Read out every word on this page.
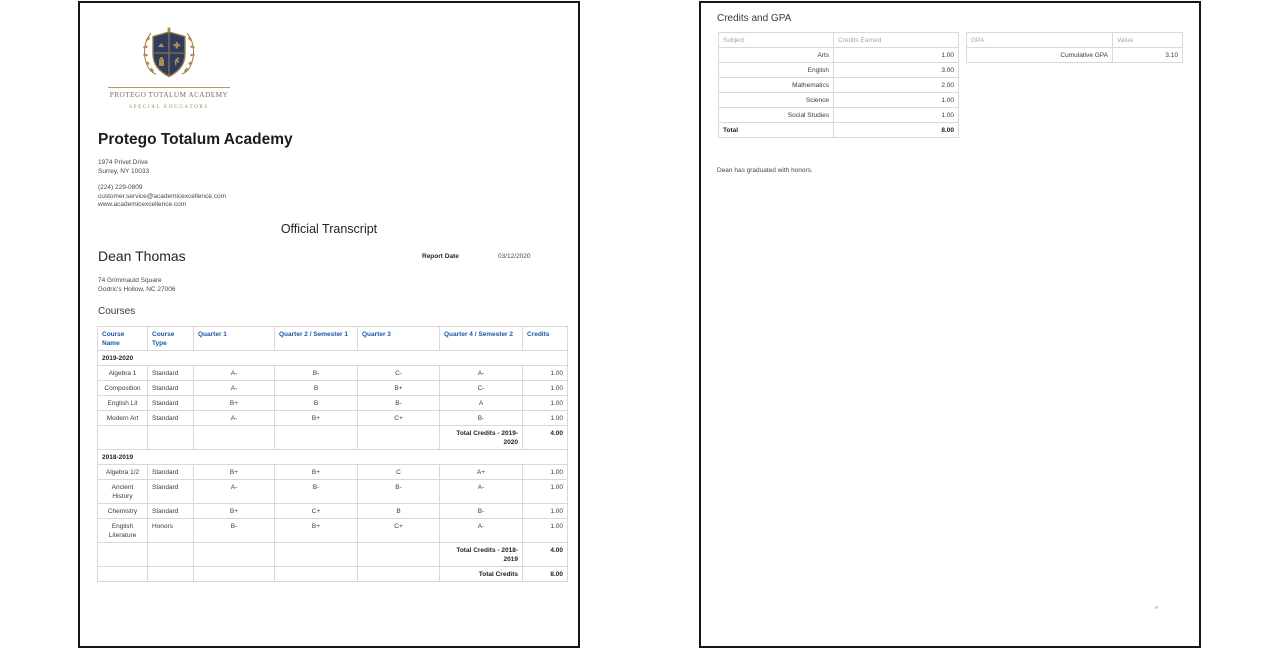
PROTEGO TOTALUM ACADEMY
SPECIAL EDUCATORS
Protego Totalum Academy
1974 Privet Drive
Surrey, NY 10033
(224) 229-0809
customer.service@academicexcellence.com
www.academicexcellence.com
Official Transcript
Dean Thomas	Report Date	03/12/2020
74 Grimmauld Square
Godric's Hollow, NC 27006
Courses
Course Name	Course Type	Quarter 1	Quarter 2 / Semester 1	Quarter 3	Quarter 4 / Semester 2	Credits
2019-2020						
Algebra 1	Standard	A-	B-	C-	A-	1.00
Composition	Standard	A-	B	B+	C-	1.00
English Lit	Standard	B+	B	B-	A	1.00
Modern Art	Standard	A-	B+	C+	B-	1.00
					Total Credits - 2019-2020	4.00
2018-2019						
Algebra 1/2	Standard	B+	B+	C	A+	1.00
Ancient History	Standard	A-	B-	B-	A-	1.00
Chemistry	Standard	B+	C+	B	B-	1.00
English Literature	Honors	B-	B+	C+	A-	1.00
					Total Credits - 2018-2019	4.00
					Total Credits	8.00
Credits and GPA
Subject	Credits Earned
Arts	1.00
English	3.00
Mathematics	2.00
Science	1.00
Social Studies	1.00
Total	8.00
GPA	Value
Cumulative GPA	3.10
Dean has graduated with honors.
